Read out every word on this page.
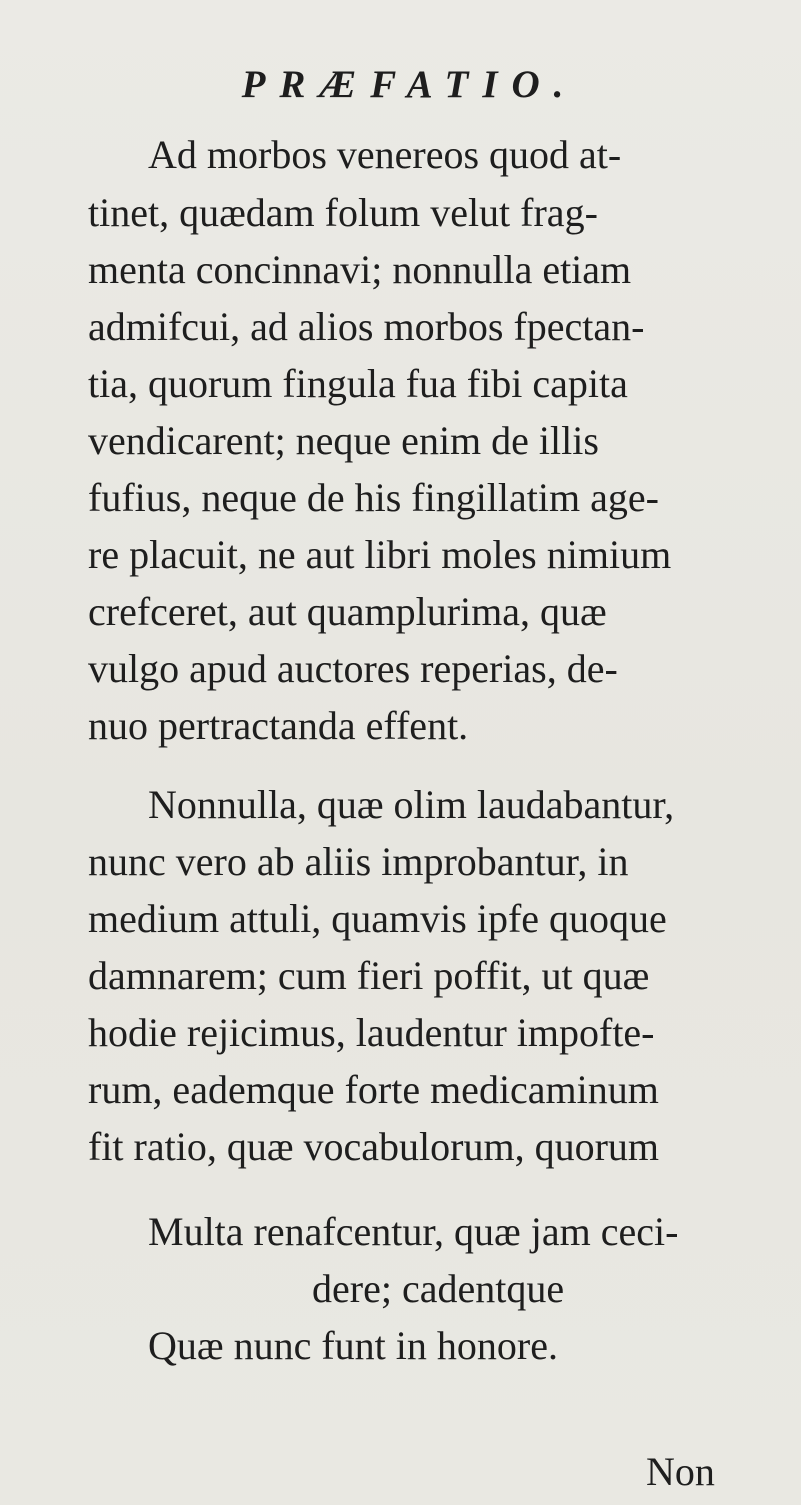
PRÆFATIO.
Ad morbos venereos quod at-
tinet, quædam folum velut frag-
menta concinnavi; nonnulla etiam
admifcui, ad alios morbos fpectan-
tia, quorum fingula fua fibi capita
vendicarent; neque enim de illis
fufius, neque de his fingillatim age-
re placuit, ne aut libri moles nimium
crefceret, aut quamplurima, quæ
vulgo apud auctores reperias, de-
nuo pertractanda effent.
Nonnulla, quæ olim laudabantur,
nunc vero ab aliis improbantur, in
medium attuli, quamvis ipfe quoque
damnarem; cum fieri poffit, ut quæ
hodie rejicimus, laudentur impofte-
rum, eademque forte medicaminum
fit ratio, quæ vocabulorum, quorum
Multa renafcentur, quæ jam ceci-
dere; cadentque
Quæ nunc funt in honore.
Non
